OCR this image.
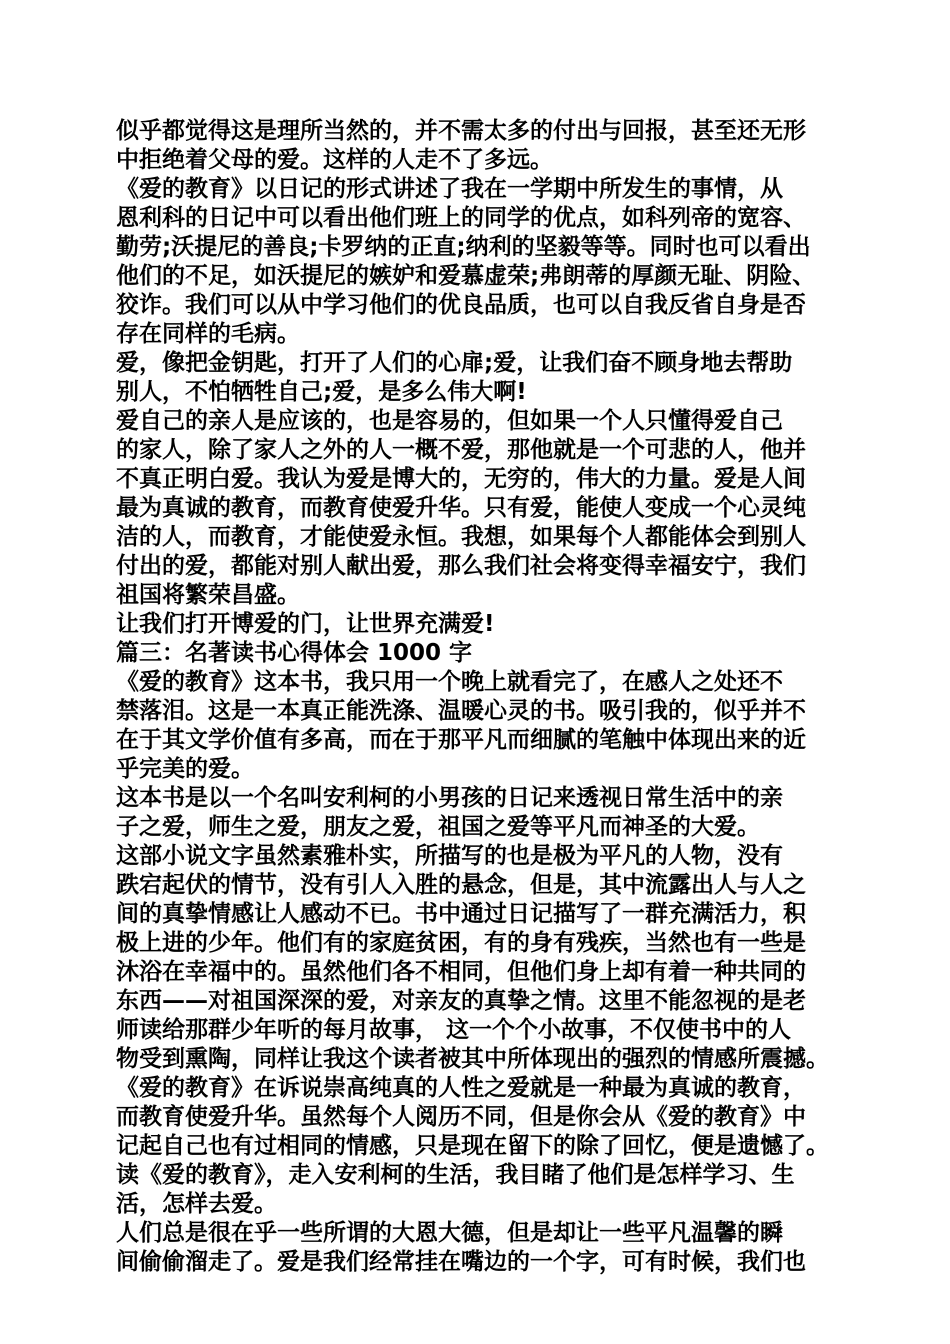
似乎都觉得这是理所当然的，并不需太多的付出与回报，甚至还无形

中拒绝着父母的爱。这样的人走不了多远。

《爱的教育》以日记的形式讲述了我在一学期中所发生的事情，从

恩利科的日记中可以看出他们班上的同学的优点，如科列帝的宽容、

勤劳;沃提尼的善良;卡罗纳的正直;纳利的坚毅等等。同时也可以看出

他们的不足，如沃提尼的嫉妒和爱慕虚荣;弗朗蒂的厚颜无耻、阴险、

狡诈。我们可以从中学习他们的优良品质，也可以自我反省自身是否

存在同样的毛病。

爱，像把金钥匙，打开了人们的心扉;爱，让我们奋不顾身地去帮助

别人，不怕牺牲自己;爱，是多么伟大啊!

爱自己的亲人是应该的，也是容易的，但如果一个人只懂得爱自己

的家人，除了家人之外的人一概不爱，那他就是一个可悲的人，他并

不真正明白爱。我认为爱是博大的，无穷的，伟大的力量。爱是人间

最为真诚的教育，而教育使爱升华。只有爱，能使人变成一个心灵纯

洁的人，而教育，才能使爱永恒。我想，如果每个人都能体会到别人

付出的爱，都能对别人献出爱，那么我们社会将变得幸福安宁，我们

祖国将繁荣昌盛。

让我们打开博爱的门，让世界充满爱!

篇三：名著读书心得体会 1000 字

《爱的教育》这本书，我只用一个晚上就看完了，在感人之处还不

禁落泪。这是一本真正能洗涤、温暖心灵的书。吸引我的，似乎并不

在于其文学价值有多高，而在于那平凡而细腻的笔触中体现出来的近

乎完美的爱。

这本书是以一个名叫安利柯的小男孩的日记来透视日常生活中的亲

子之爱，师生之爱，朋友之爱，祖国之爱等平凡而神圣的大爱。

这部小说文字虽然素雅朴实，所描写的也是极为平凡的人物，没有

跌宕起伏的情节，没有引人入胜的悬念，但是，其中流露出人与人之

间的真挚情感让人感动不已。书中通过日记描写了一群充满活力，积

极上进的少年。他们有的家庭贫困，有的身有残疾，当然也有一些是

沐浴在幸福中的。虽然他们各不相同，但他们身上却有着一种共同的

东西——对祖国深深的爱，对亲友的真挚之情。这里不能忽视的是老

师读给那群少年听的每月故事， 这一个个小故事，不仅使书中的人

物受到熏陶，同样让我这个读者被其中所体现出的强烈的情感所震撼。

《爱的教育》在诉说崇高纯真的人性之爱就是一种最为真诚的教育，

而教育使爱升华。虽然每个人阅历不同，但是你会从《爱的教育》中

记起自己也有过相同的情感，只是现在留下的除了回忆，便是遗憾了。

读《爱的教育》，走入安利柯的生活，我目睹了他们是怎样学习、生

活，怎样去爱。

人们总是很在乎一些所谓的大恩大德，但是却让一些平凡温馨的瞬

间偷偷溜走了。爱是我们经常挂在嘴边的一个字，可有时候，我们也
